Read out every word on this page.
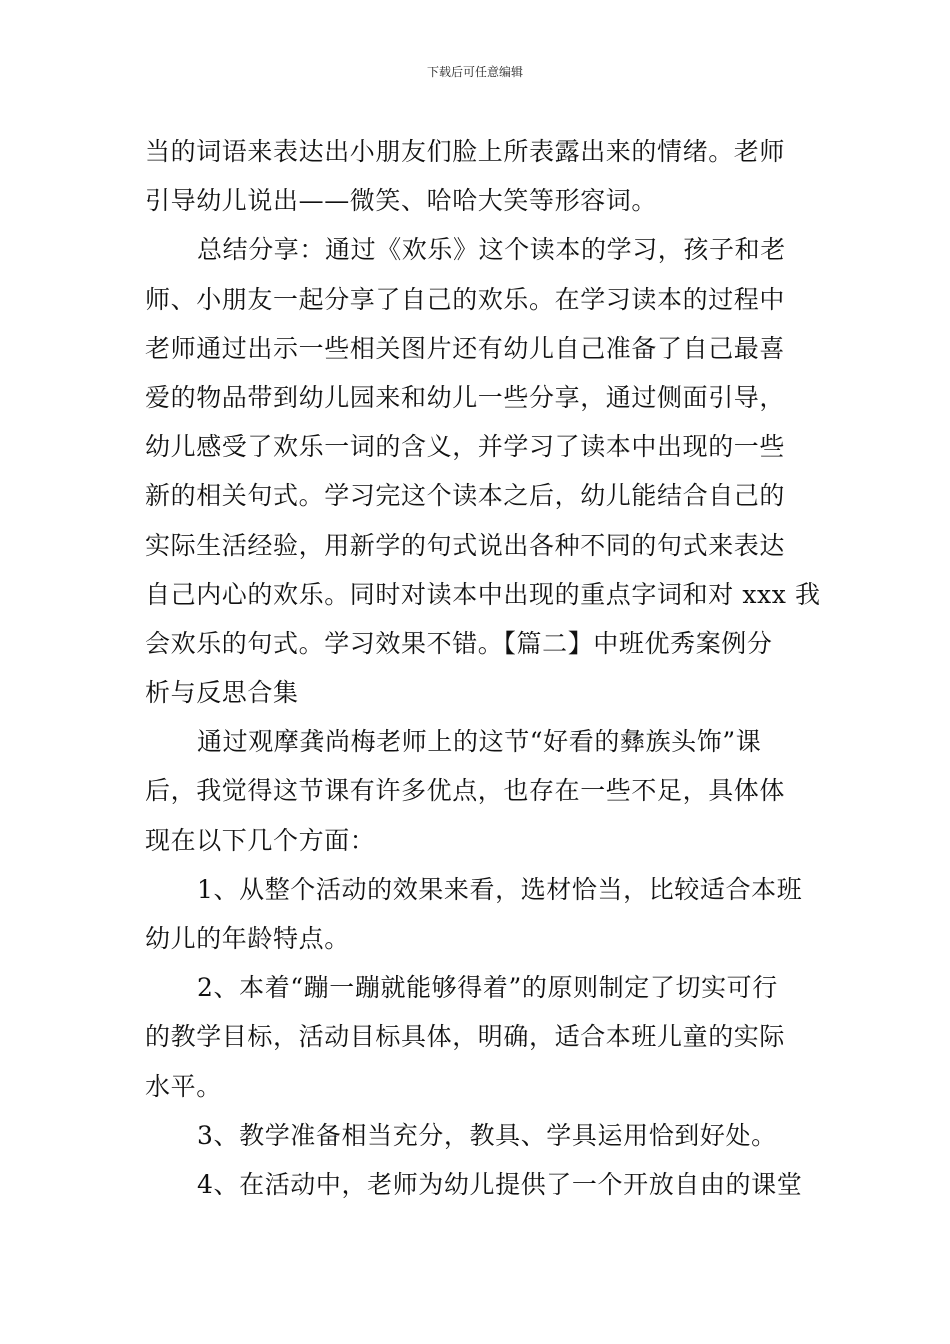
下载后可任意编辑
当的词语来表达出小朋友们脸上所表露出来的情绪。老师
引导幼儿说出——微笑、哈哈大笑等形容词。
总结分享：通过《欢乐》这个读本的学习，孩子和老
师、小朋友一起分享了自己的欢乐。在学习读本的过程中
老师通过出示一些相关图片还有幼儿自己准备了自己最喜
爱的物品带到幼儿园来和幼儿一些分享，通过侧面引导，
幼儿感受了欢乐一词的含义，并学习了读本中出现的一些
新的相关句式。学习完这个读本之后，幼儿能结合自己的
实际生活经验，用新学的句式说出各种不同的句式来表达
自己内心的欢乐。同时对读本中出现的重点字词和对 xxx 我
会欢乐的句式。学习效果不错。【篇二】中班优秀案例分
析与反思合集
通过观摩龚尚梅老师上的这节“好看的彝族头饰”课
后，我觉得这节课有许多优点，也存在一些不足，具体体
现在以下几个方面：
1、从整个活动的效果来看，选材恰当，比较适合本班
幼儿的年龄特点。
2、本着“蹦一蹦就能够得着”的原则制定了切实可行
的教学目标，活动目标具体，明确，适合本班儿童的实际
水平。
3、教学准备相当充分，教具、学具运用恰到好处。
4、在活动中，老师为幼儿提供了一个开放自由的课堂
